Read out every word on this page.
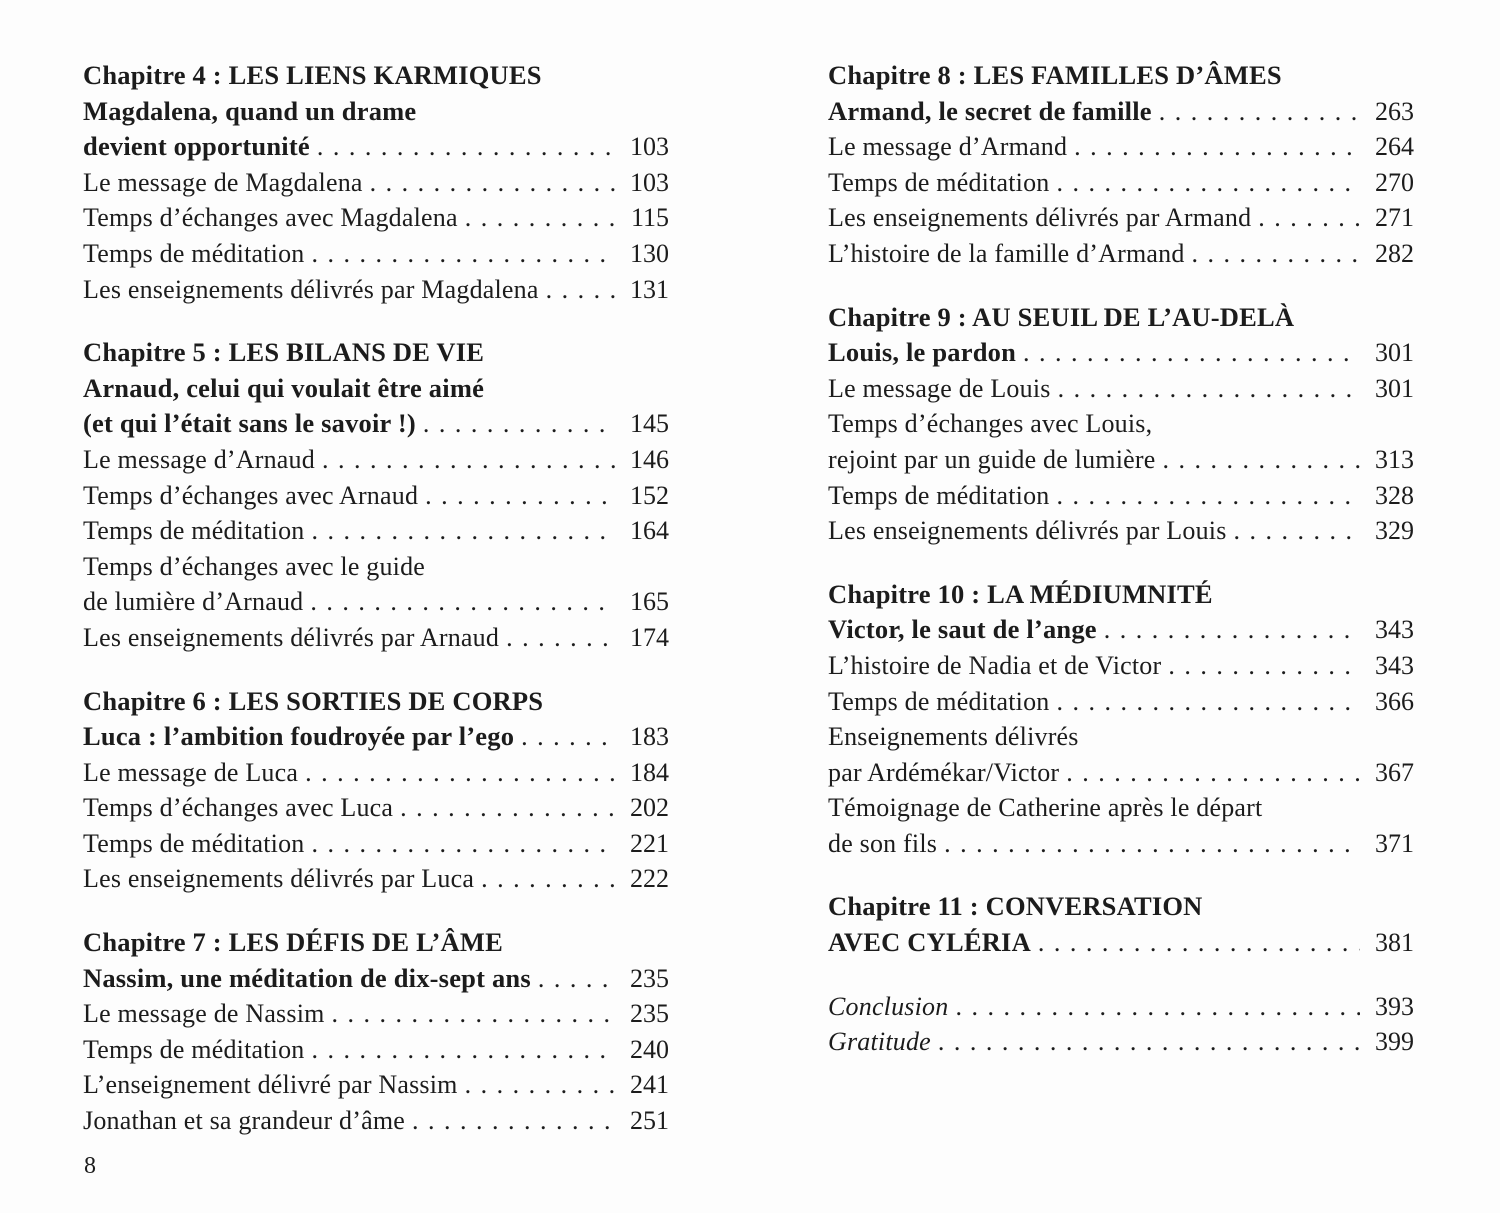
Chapitre 4 : LES LIENS KARMIQUES
Magdalena, quand un drame
devient opportunité . . .	103
Le message de Magdalena . . .	103
Temps d’échanges avec Magdalena . . .	115
Temps de méditation . . .	130
Les enseignements délivrés par Magdalena . . .	131
Chapitre 5 : LES BILANS DE VIE
Arnaud, celui qui voulait être aimé
(et qui l’était sans le savoir !) . . .	145
Le message d’Arnaud . . .	146
Temps d’échanges avec Arnaud . . .	152
Temps de méditation . . .	164
Temps d’échanges avec le guide
de lumière d’Arnaud . . .	165
Les enseignements délivrés par Arnaud . . .	174
Chapitre 6 : LES SORTIES DE CORPS
Luca : l’ambition foudroyée par l’ego . . .	183
Le message de Luca . . .	184
Temps d’échanges avec Luca . . .	202
Temps de méditation . . .	221
Les enseignements délivrés par Luca . . .	222
Chapitre 7 : LES DÉFIS DE L’ÂME
Nassim, une méditation de dix-sept ans . . .	235
Le message de Nassim . . .	235
Temps de méditation . . .	240
L’enseignement délivré par Nassim . . .	241
Jonathan et sa grandeur d’âme . . .	251
Chapitre 8 : LES FAMILLES D’ÂMES
Armand, le secret de famille . . .	263
Le message d’Armand . . .	264
Temps de méditation . . .	270
Les enseignements délivrés par Armand . . .	271
L’histoire de la famille d’Armand . . .	282
Chapitre 9 : AU SEUIL DE L’AU-DELÀ
Louis, le pardon . . .	301
Le message de Louis . . .	301
Temps d’échanges avec Louis,
rejoint par un guide de lumière . . .	313
Temps de méditation . . .	328
Les enseignements délivrés par Louis . . .	329
Chapitre 10 : LA MÉDIUMNITÉ
Victor, le saut de l’ange . . .	343
L’histoire de Nadia et de Victor . . .	343
Temps de méditation . . .	366
Enseignements délivrés
par Ardémékar/Victor . . .	367
Témoignage de Catherine après le départ
de son fils . . .	371
Chapitre 11 : CONVERSATION
AVEC CYLÉRIA . . .	381
Conclusion . . .	393
Gratitude . . .	399
8
